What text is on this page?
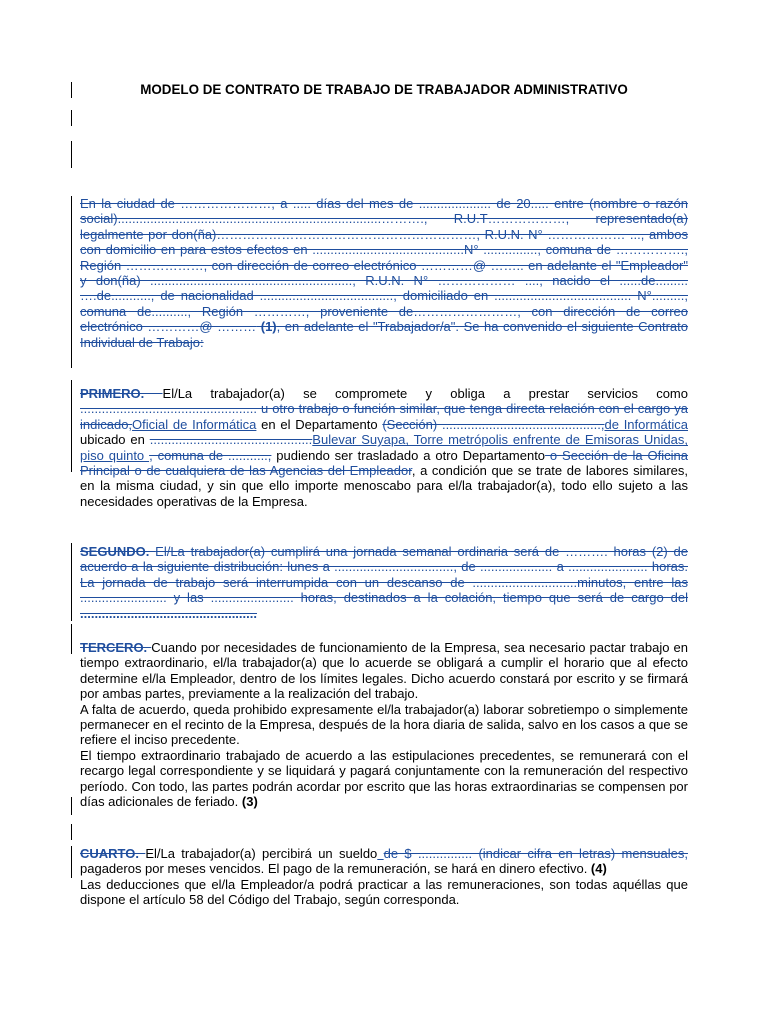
MODELO DE CONTRATO DE TRABAJO DE TRABAJADOR ADMINISTRATIVO
En la ciudad de …………………, a ..... días del mes de .................... de 20..... entre (nombre o razón social).........................................................................………., R.U.T………………, representado(a) legalmente por don(ña)……………………………………………………, R.U.N. N° ……………… ..., ambos con domicilio en para estos efectos en ..........................................N° ..............., comuna de ……………., Región ………………, con dirección de correo electrónico …………@ …….. en adelante el "Empleador" y don(ña) ........................................................, R.U.N. N° ……………… ...., nacido el ......de......... ….de..........., de nacionalidad ....................................., domiciliado en ...................................... N°........., comuna de.........., Región …………, proveniente de……………………, con dirección de correo electrónico …………@ ……… (1), en adelante el "Trabajador/a". Se ha convenido el siguiente Contrato Individual de Trabajo:
PRIMERO. El/La trabajador(a) se compromete y obliga a prestar servicios como ................................................. u otro trabajo o función similar, que tenga directa relación con el cargo ya indicado,Oficial de Informática en el Departamento (Sección) ............................................,de Informática ubicado en .............................................Bulevar Suyapa, Torre metrópolis enfrente de Emisoras Unidas, piso quinto , comuna de ..........., pudiendo ser trasladado a otro Departamento o Sección de la Oficina Principal o de cualquiera de las Agencias del Empleador, a condición que se trate de labores similares, en la misma ciudad, y sin que ello importe menoscabo para el/la trabajador(a), todo ello sujeto a las necesidades operativas de la Empresa.
SEGUNDO. El/La trabajador(a) cumplirá una jornada semanal ordinaria será de ………. horas (2) de acuerdo a la siguiente distribución: lunes a ................................., de .................... a ...................... horas. La jornada de trabajo será interrumpida con un descanso de .............................minutos, entre las ........................ y las ....................... horas, destinados a la colación, tiempo que será de cargo del .................................................

TERCERO. Cuando por necesidades de funcionamiento de la Empresa, sea necesario pactar trabajo en tiempo extraordinario, el/la trabajador(a) que lo acuerde se obligará a cumplir el horario que al efecto determine el/la Empleador, dentro de los límites legales. Dicho acuerdo constará por escrito y se firmará por ambas partes, previamente a la realización del trabajo.

A falta de acuerdo, queda prohibido expresamente el/la trabajador(a) laborar sobretiempo o simplemente permanecer en el recinto de la Empresa, después de la hora diaria de salida, salvo en los casos a que se refiere el inciso precedente.

El tiempo extraordinario trabajado de acuerdo a las estipulaciones precedentes, se remunerará con el recargo legal correspondiente y se liquidará y pagará conjuntamente con la remuneración del respectivo período. Con todo, las partes podrán acordar por escrito que las horas extraordinarias se compensen por días adicionales de feriado. (3)

CUARTO. El/La trabajador(a) percibirá un sueldo de $ ............... (indicar cifra en letras) mensuales, pagaderos por meses vencidos. El pago de la remuneración, se hará en dinero efectivo. (4)

Las deducciones que el/la Empleador/a podrá practicar a las remuneraciones, son todas aquéllas que dispone el artículo 58 del Código del Trabajo, según corresponda.
